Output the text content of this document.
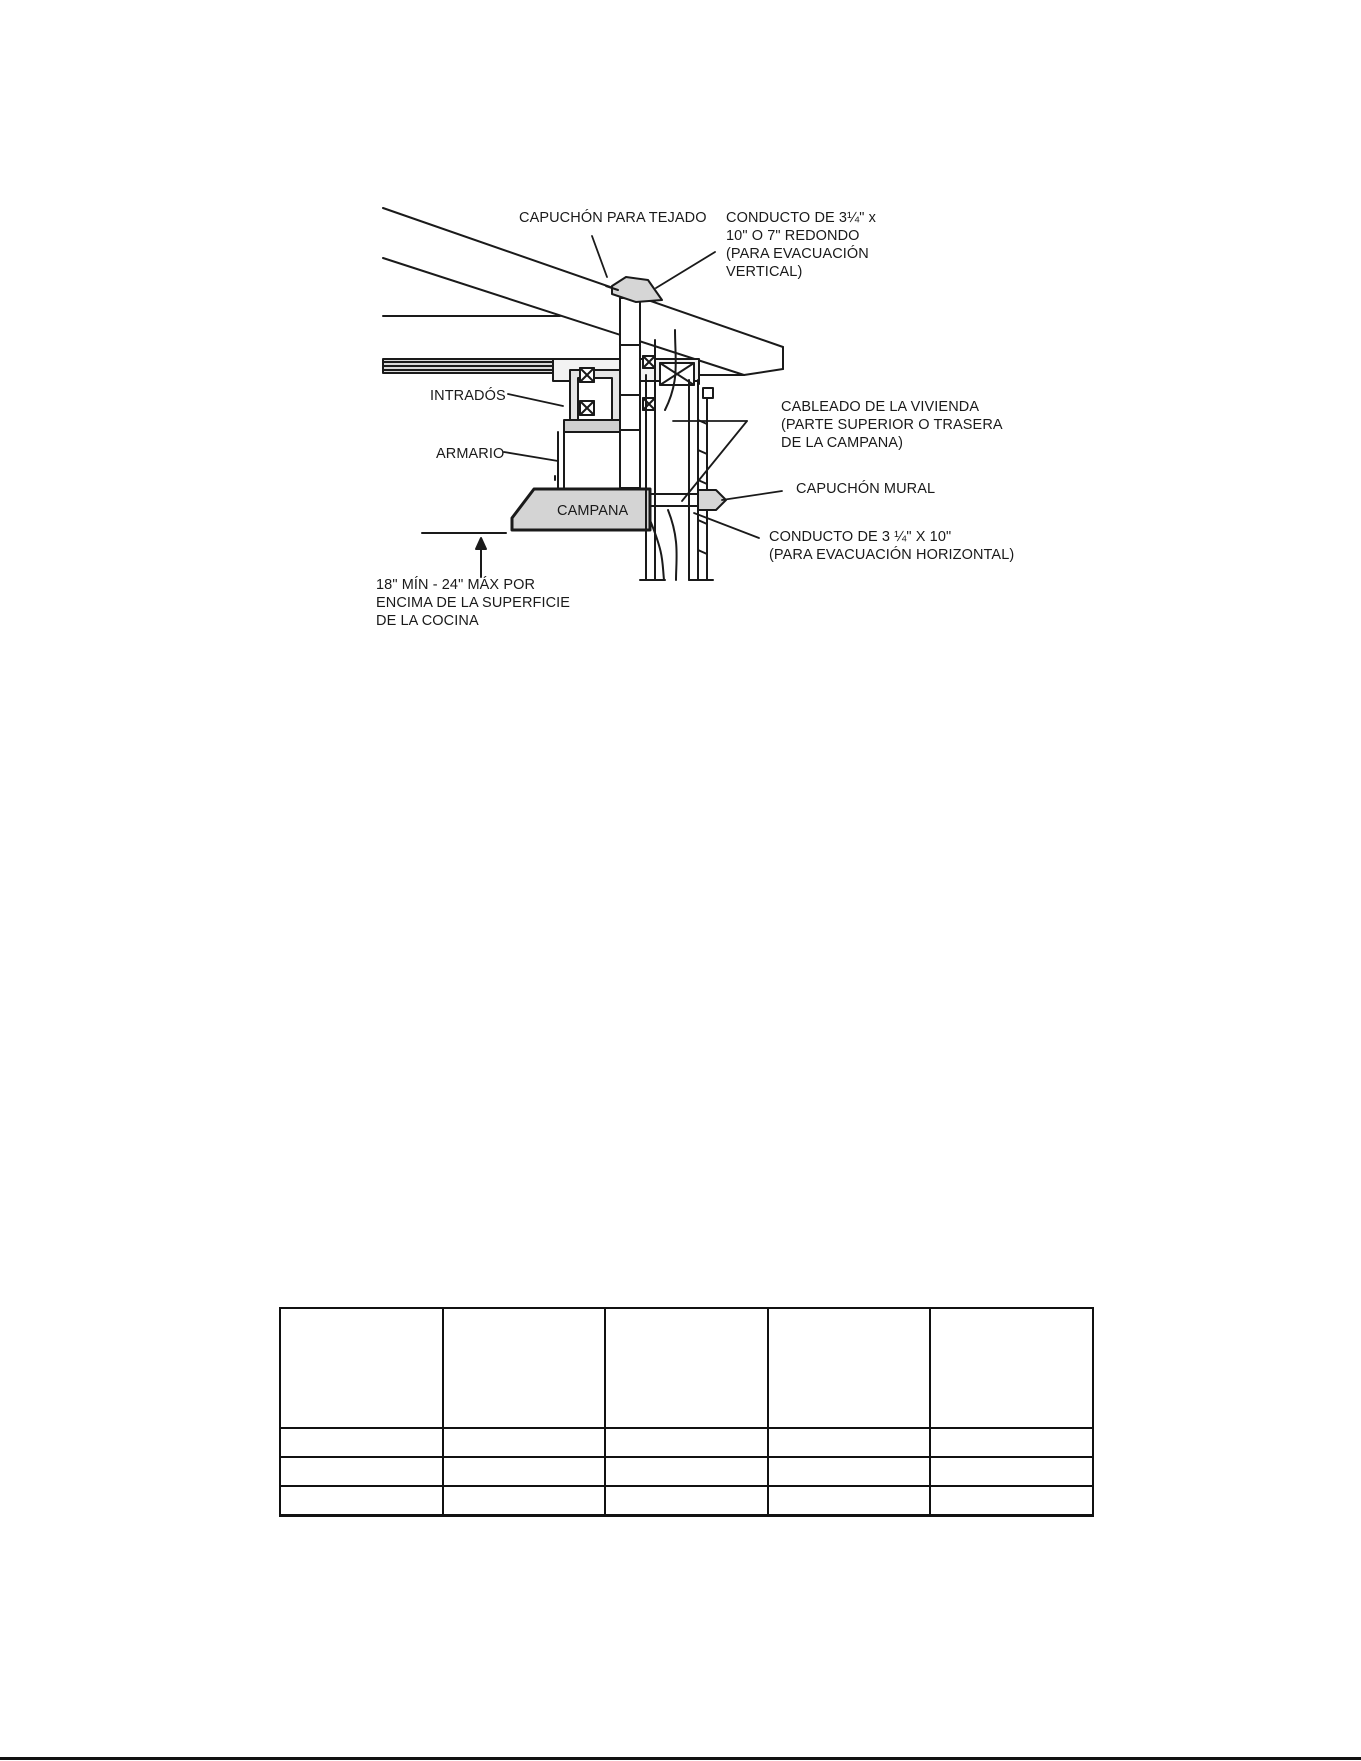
CAPUCHÓN PARA TEJADO CONDUCTO DE 3¼" x
10" O 7" REDONDO
(PARA EVACUACIÓN
VERTICAL)
INTRADÓS
ARMARIO
CAMPANA
CABLEADO DE LA VIVIENDA
(PARTE SUPERIOR O TRASERA
DE LA CAMPANA)
CAPUCHÓN MURAL
CONDUCTO DE 3 ¼" X 10"
(PARA EVACUACIÓN HORIZONTAL)
18" MÍN - 24" MÁX POR
ENCIMA DE LA SUPERFICIE
DE LA COCINA
